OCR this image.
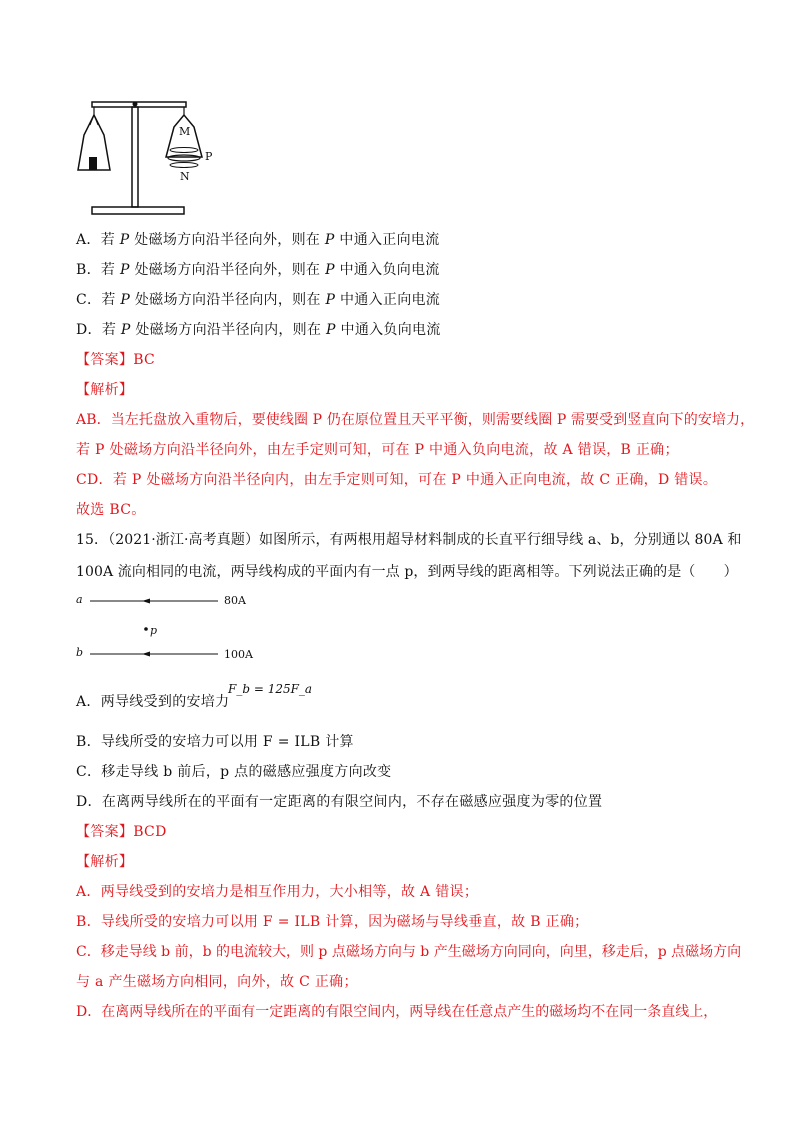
M
P
N
A．若 P 处磁场方向沿半径向外，则在 P 中通入正向电流
B．若 P 处磁场方向沿半径向外，则在 P 中通入负向电流
C．若 P 处磁场方向沿半径向内，则在 P 中通入正向电流
D．若 P 处磁场方向沿半径向内，则在 P 中通入负向电流
【答案】BC
【解析】
AB．当左托盘放入重物后，要使线圈 P 仍在原位置且天平平衡，则需要线圈 P 需要受到竖直向下的安培力，
若 P 处磁场方向沿半径向外，由左手定则可知，可在 P 中通入负向电流，故 A 错误，B 正确；
CD．若 P 处磁场方向沿半径向内，由左手定则可知，可在 P 中通入正向电流，故 C 正确，D 错误。
故选 BC。
15．（2021·浙江·高考真题）如图所示，有两根用超导材料制成的长直平行细导线 a、b，分别通以 80A 和
100A 流向相同的电流，两导线构成的平面内有一点 p，到两导线的距离相等。下列说法正确的是（　　）
a	80A
p
b	100A
A．两导线受到的安培力
F_b = 125F_a
B．导线所受的安培力可以用 F = ILB 计算
C．移走导线 b 前后，p 点的磁感应强度方向改变
D．在离两导线所在的平面有一定距离的有限空间内，不存在磁感应强度为零的位置
【答案】BCD
【解析】
A．两导线受到的安培力是相互作用力，大小相等，故 A 错误；
B．导线所受的安培力可以用 F = ILB 计算，因为磁场与导线垂直，故 B 正确；
C．移走导线 b 前，b 的电流较大，则 p 点磁场方向与 b 产生磁场方向同向，向里，移走后，p 点磁场方向
与 a 产生磁场方向相同，向外，故 C 正确；
D．在离两导线所在的平面有一定距离的有限空间内，两导线在任意点产生的磁场均不在同一条直线上，
